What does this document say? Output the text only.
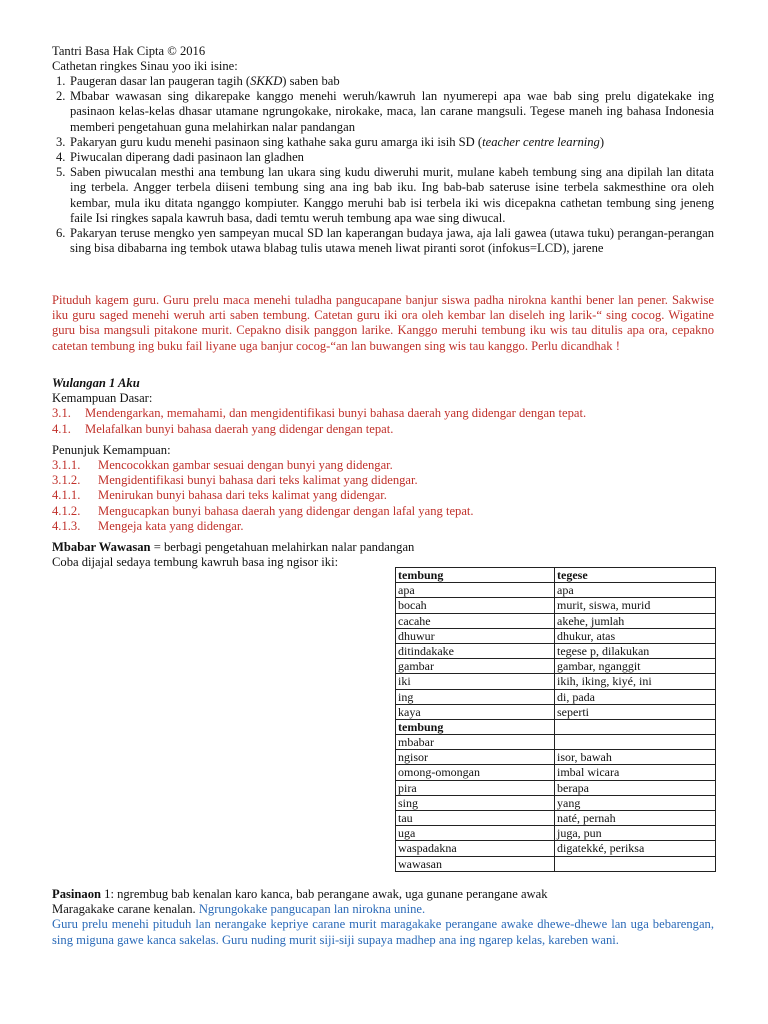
Tantri Basa Hak Cipta © 2016
Cathetan ringkes Sinau yoo iki isine:
1. Paugeran dasar lan paugeran tagih (SKKD) saben bab
2. Mbabar wawasan sing dikarepake kanggo menehi weruh/kawruh lan nyumerepi apa wae bab sing prelu digatekake ing pasinaon kelas-kelas dhasar utamane ngrungokake, nirokake, maca, lan carane mangsuli. Tegese maneh ing bahasa Indonesia memberi pengetahuan guna melahirkan nalar pandangan
3. Pakaryan guru kudu menehi pasinaon sing kathahe saka guru amarga iki isih SD (teacher centre learning)
4. Piwucalan diperang dadi pasinaon lan gladhen
5. Saben piwucalan mesthi ana tembung lan ukara sing kudu diweruhi murit, mulane kabeh tembung sing ana dipilah lan ditata ing terbela. Angger terbela diiseni tembung sing ana ing bab iku. Ing bab-bab sateruse isine terbela sakmesthine ora oleh kembar, mula iku ditata nganggo kompiuter. Kanggo meruhi bab isi terbela iki wis dicepakna cathetan tembung sing jeneng faile Isi ringkes sapala kawruh basa, dadi temtu weruh tembung apa wae sing diwucal.
6. Pakaryan teruse mengko yen sampeyan mucal SD lan kaperangan budaya jawa, aja lali gawea (utawa tuku) perangan-perangan sing bisa dibabarna ing tembok utawa blabag tulis utawa meneh liwat piranti sorot (infokus=LCD), jarene
Pituduh kagem guru. Guru prelu maca menehi tuladha pangucapane banjur siswa padha nirokna kanthi bener lan pener. Sakwise iku guru saged menehi weruh arti saben tembung. Catetan guru iki ora oleh kembar lan diseleh ing larik-“ sing cocog. Wigatine guru bisa mangsuli pitakone murit. Cepakno disik panggon larike. Kanggo meruhi tembung iku wis tau ditulis apa ora, cepakno catetan tembung ing buku fail liyane uga banjur cocog-“an lan buwangen sing wis tau kanggo. Perlu dicandhak !
Wulangan 1 Aku
Kemampuan Dasar:
3.1.	Mendengarkan, memahami, dan mengidentifikasi bunyi bahasa daerah yang didengar dengan tepat.
4.1.	Melafalkan bunyi bahasa daerah yang didengar dengan tepat.
Penunjuk Kemampuan:
3.1.1.	Mencocokkan gambar sesuai dengan bunyi yang didengar.
3.1.2.	Mengidentifikasi bunyi bahasa dari teks kalimat yang didengar.
4.1.1.	Menirukan bunyi bahasa dari teks kalimat yang didengar.
4.1.2.	Mengucapkan bunyi bahasa daerah yang didengar dengan lafal yang tepat.
4.1.3.	Mengeja kata yang didengar.
Mbabar Wawasan = berbagi pengetahuan melahirkan nalar pandangan
Coba dijajal sedaya tembung kawruh basa ing ngisor iki:
tembung	tegese
apa	apa
bocah	murit, siswa, murid
cacahe	akehe, jumlah
dhuwur	dhukur, atas
ditindakake	tegese p, dilakukan
gambar	gambar, nganggit
iki	ikih, iking, kiyé, ini
ing	di, pada
kaya	seperti
tembung	
mbabar	
ngisor	isor, bawah
omong-omongan	imbal wicara
pira	berapa
sing	yang
tau	naté, pernah
uga	juga, pun
waspadakna	digatekké, periksa
wawasan	
Pasinaon 1: ngrembug bab kenalan karo kanca, bab perangane awak, uga gunane perangane awak
Maragakake carane kenalan. Ngrungokake pangucapan lan nirokna unine.
Guru prelu menehi pituduh lan nerangake kepriye carane murit maragakake perangane awake dhewe-dhewe lan uga bebarengan, sing miguna gawe kanca sakelas. Guru nuding murit siji-siji supaya madhep ana ing ngarep kelas, kareben wani.
